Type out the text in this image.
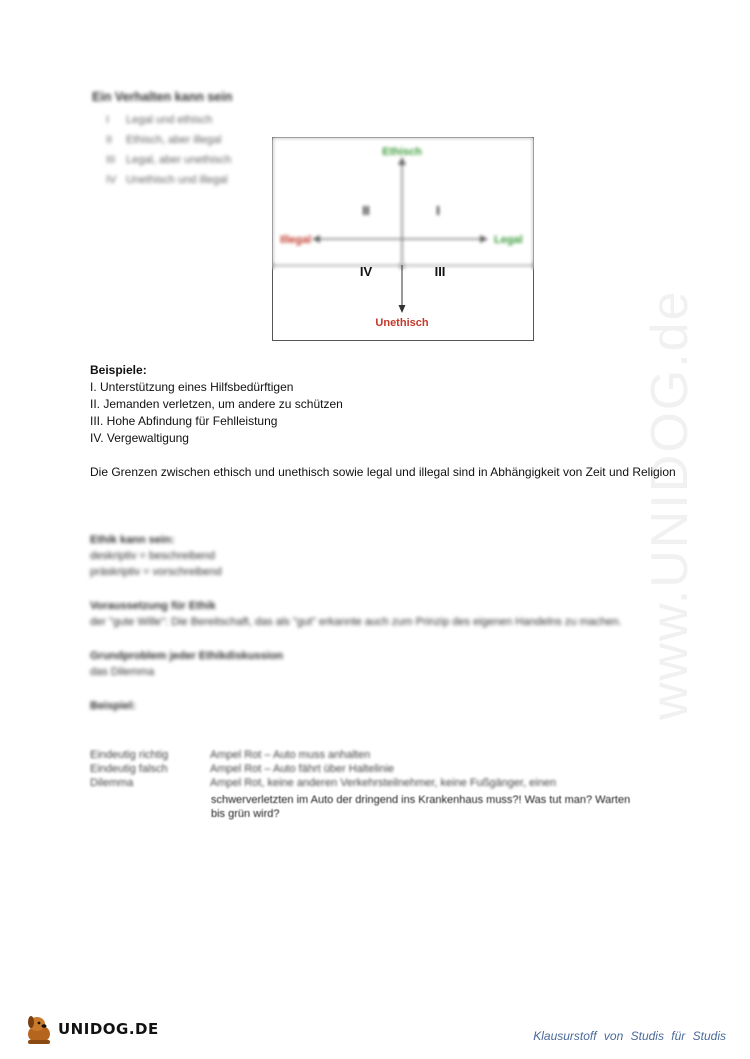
www.UNIDOG.de
Ein Verhalten kann sein
I Legal und ethisch
II Ethisch, aber illegal
III Legal, aber unethisch
IV Unethisch und illegal
Ethisch
Illegal	Legal
II	I
IV	III
Unethisch
Beispiele:
I. Unterstützung eines Hilfsbedürftigen
II. Jemanden verletzen, um andere zu schützen
III. Hohe Abfindung für Fehlleistung
IV. Vergewaltigung
Die Grenzen zwischen ethisch und unethisch sowie legal und illegal sind in Abhängigkeit von Zeit und Religion
Ethik kann sein:
deskriptiv = beschreibend
präskriptiv = vorschreibend
Voraussetzung für Ethik
der "gute Wille": Die Bereitschaft, das als "gut" erkannte auch zum Prinzip des eigenen Handelns zu machen.
Grundproblem jeder Ethikdiskussion
das Dilemma
Beispiel:
Eindeutig richtig	Ampel Rot – Auto muss anhalten
Eindeutig falsch	Ampel Rot – Auto fährt über Haltelinie
Dilemma	Ampel Rot, keine anderen Verkehrsteilnehmer, keine Fußgänger, einen
schwerverletzten im Auto der dringend ins Krankenhaus muss?! Was tut man? Warten bis grün wird?
UNIDOG.DE	Klausurstoff von Studis für Studis
